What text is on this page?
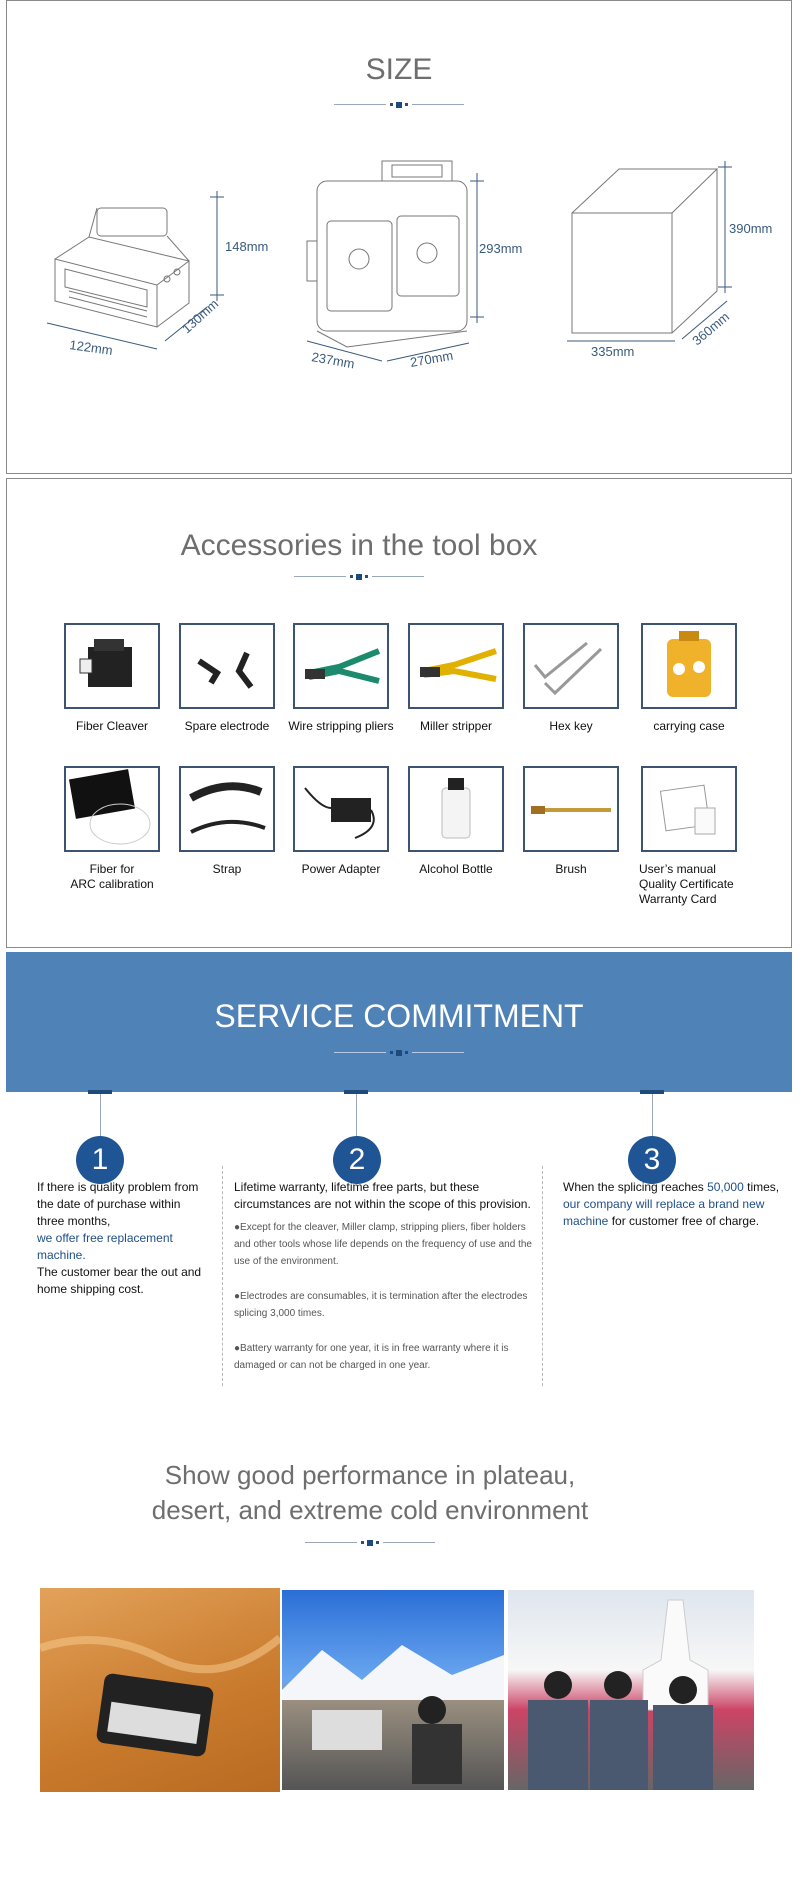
SIZE
148mm
122mm
130mm
293mm
237mm	270mm
390mm
335mm
360mm
Accessories in the tool box
Fiber Cleaver	Spare electrode	Wire stripping pliers	Miller stripper	Hex key	carrying case
Fiber for
ARC calibration
Strap	Power Adapter	Alcohol Bottle	Brush	User’s manual
Quality Certificate
Warranty Card
SERVICE COMMITMENT
1	2	3
If there is quality problem from the date of purchase within three months,
we offer free replacement machine.
The customer bear the out and home shipping cost.
Lifetime warranty, lifetime free parts, but these circumstances are not within the scope of this provision.
●Except for the cleaver, Miller clamp, stripping pliers, fiber holders and other tools whose life depends on the frequency of use and the use of the environment.
●Electrodes are consumables, it is termination after the electrodes splicing 3,000 times.
●Battery warranty for one year, it is in free warranty where it is damaged or can not be charged in one year.
When the splicing reaches 50,000 times,
our company will replace a brand new machine for customer free of charge.
Show good performance in plateau,
desert, and extreme cold environment
